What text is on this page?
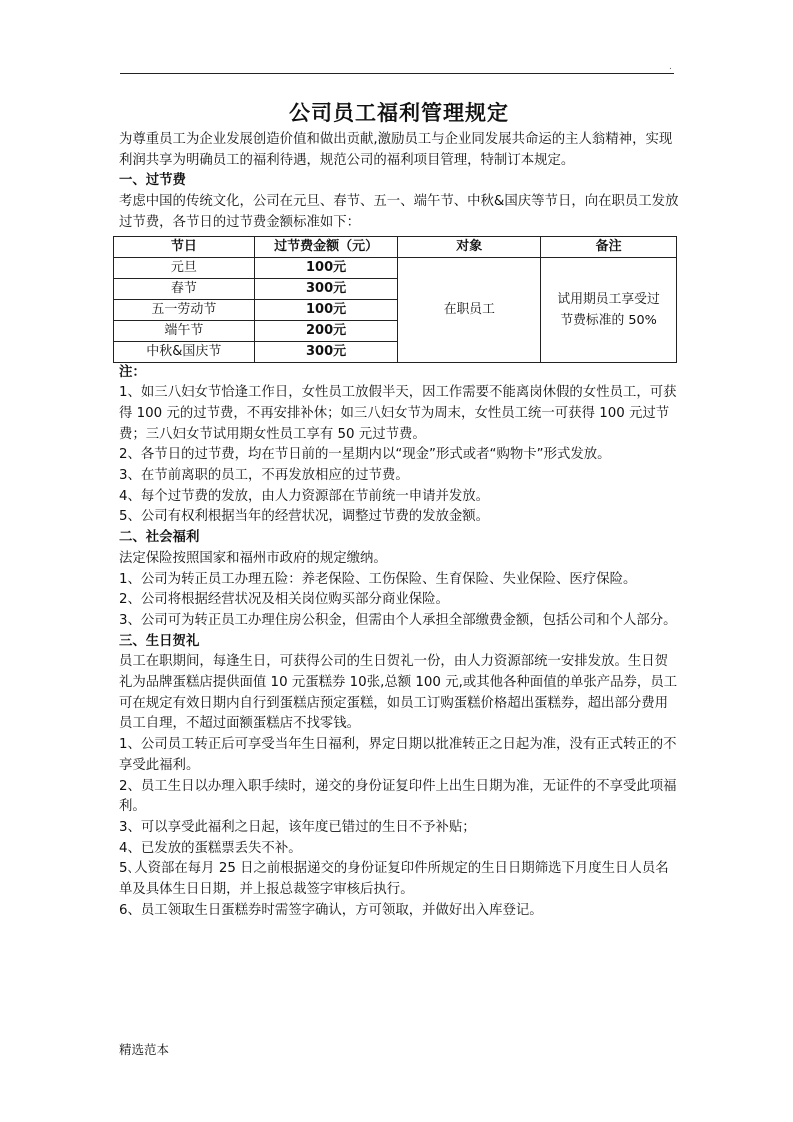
.
公司员工福利管理规定

为尊重员工为企业发展创造价值和做出贡献,激励员工与企业同发展共命运的主人翁精神，实现利润共享为明确员工的福利待遇，规范公司的福利项目管理，特制订本规定。

一、过节费

考虑中国的传统文化，公司在元旦、春节、五一、端午节、中秋&国庆等节日，向在职员工发放过节费，各节日的过节费金额标准如下：

节日	过节费金额（元）	对象	备注
元旦	100元	在职员工	试用期员工享受过节费标准的 50%

春节	300元		
五一劳动节	100元		
端午节	200元		
中秋&国庆节	300元		

注：

1、如三八妇女节恰逢工作日，女性员工放假半天，因工作需要不能离岗休假的女性员工，可获得 100 元的过节费，不再安排补休；如三八妇女节为周末，女性员工统一可获得 100 元过节费；三八妇女节试用期女性员工享有 50 元过节费。

2、各节日的过节费，均在节日前的一星期内以“现金”形式或者“购物卡”形式发放。

3、在节前离职的员工，不再发放相应的过节费。

4、每个过节费的发放，由人力资源部在节前统一申请并发放。

5、公司有权利根据当年的经营状况，调整过节费的发放金额。

二、社会福利

法定保险按照国家和福州市政府的规定缴纳。

1、公司为转正员工办理五险：养老保险、工伤保险、生育保险、失业保险、医疗保险。

2、公司将根据经营状况及相关岗位购买部分商业保险。

3、公司可为转正员工办理住房公积金，但需由个人承担全部缴费金额，包括公司和个人部分。

三、生日贺礼

员工在职期间，每逢生日，可获得公司的生日贺礼一份，由人力资源部统一安排发放。生日贺礼为品牌蛋糕店提供面值 10 元蛋糕券 10张,总额 100 元,或其他各种面值的单张产品券，员工可在规定有效日期内自行到蛋糕店预定蛋糕，如员工订购蛋糕价格超出蛋糕券，超出部分费用员工自理，不超过面额蛋糕店不找零钱。

1、公司员工转正后可享受当年生日福利，界定日期以批准转正之日起为准，没有正式转正的不享受此福利。

2、员工生日以办理入职手续时，递交的身份证复印件上出生日期为准，无证件的不享受此项福利。

3、可以享受此福利之日起，该年度已错过的生日不予补贴；

4、已发放的蛋糕票丢失不补。

5､人资部在每月 25 日之前根据递交的身份证复印件所规定的生日日期筛选下月度生日人员名单及具体生日日期，并上报总裁签字审核后执行。

6、员工领取生日蛋糕券时需签字确认，方可领取，并做好出入库登记。

精选范本
